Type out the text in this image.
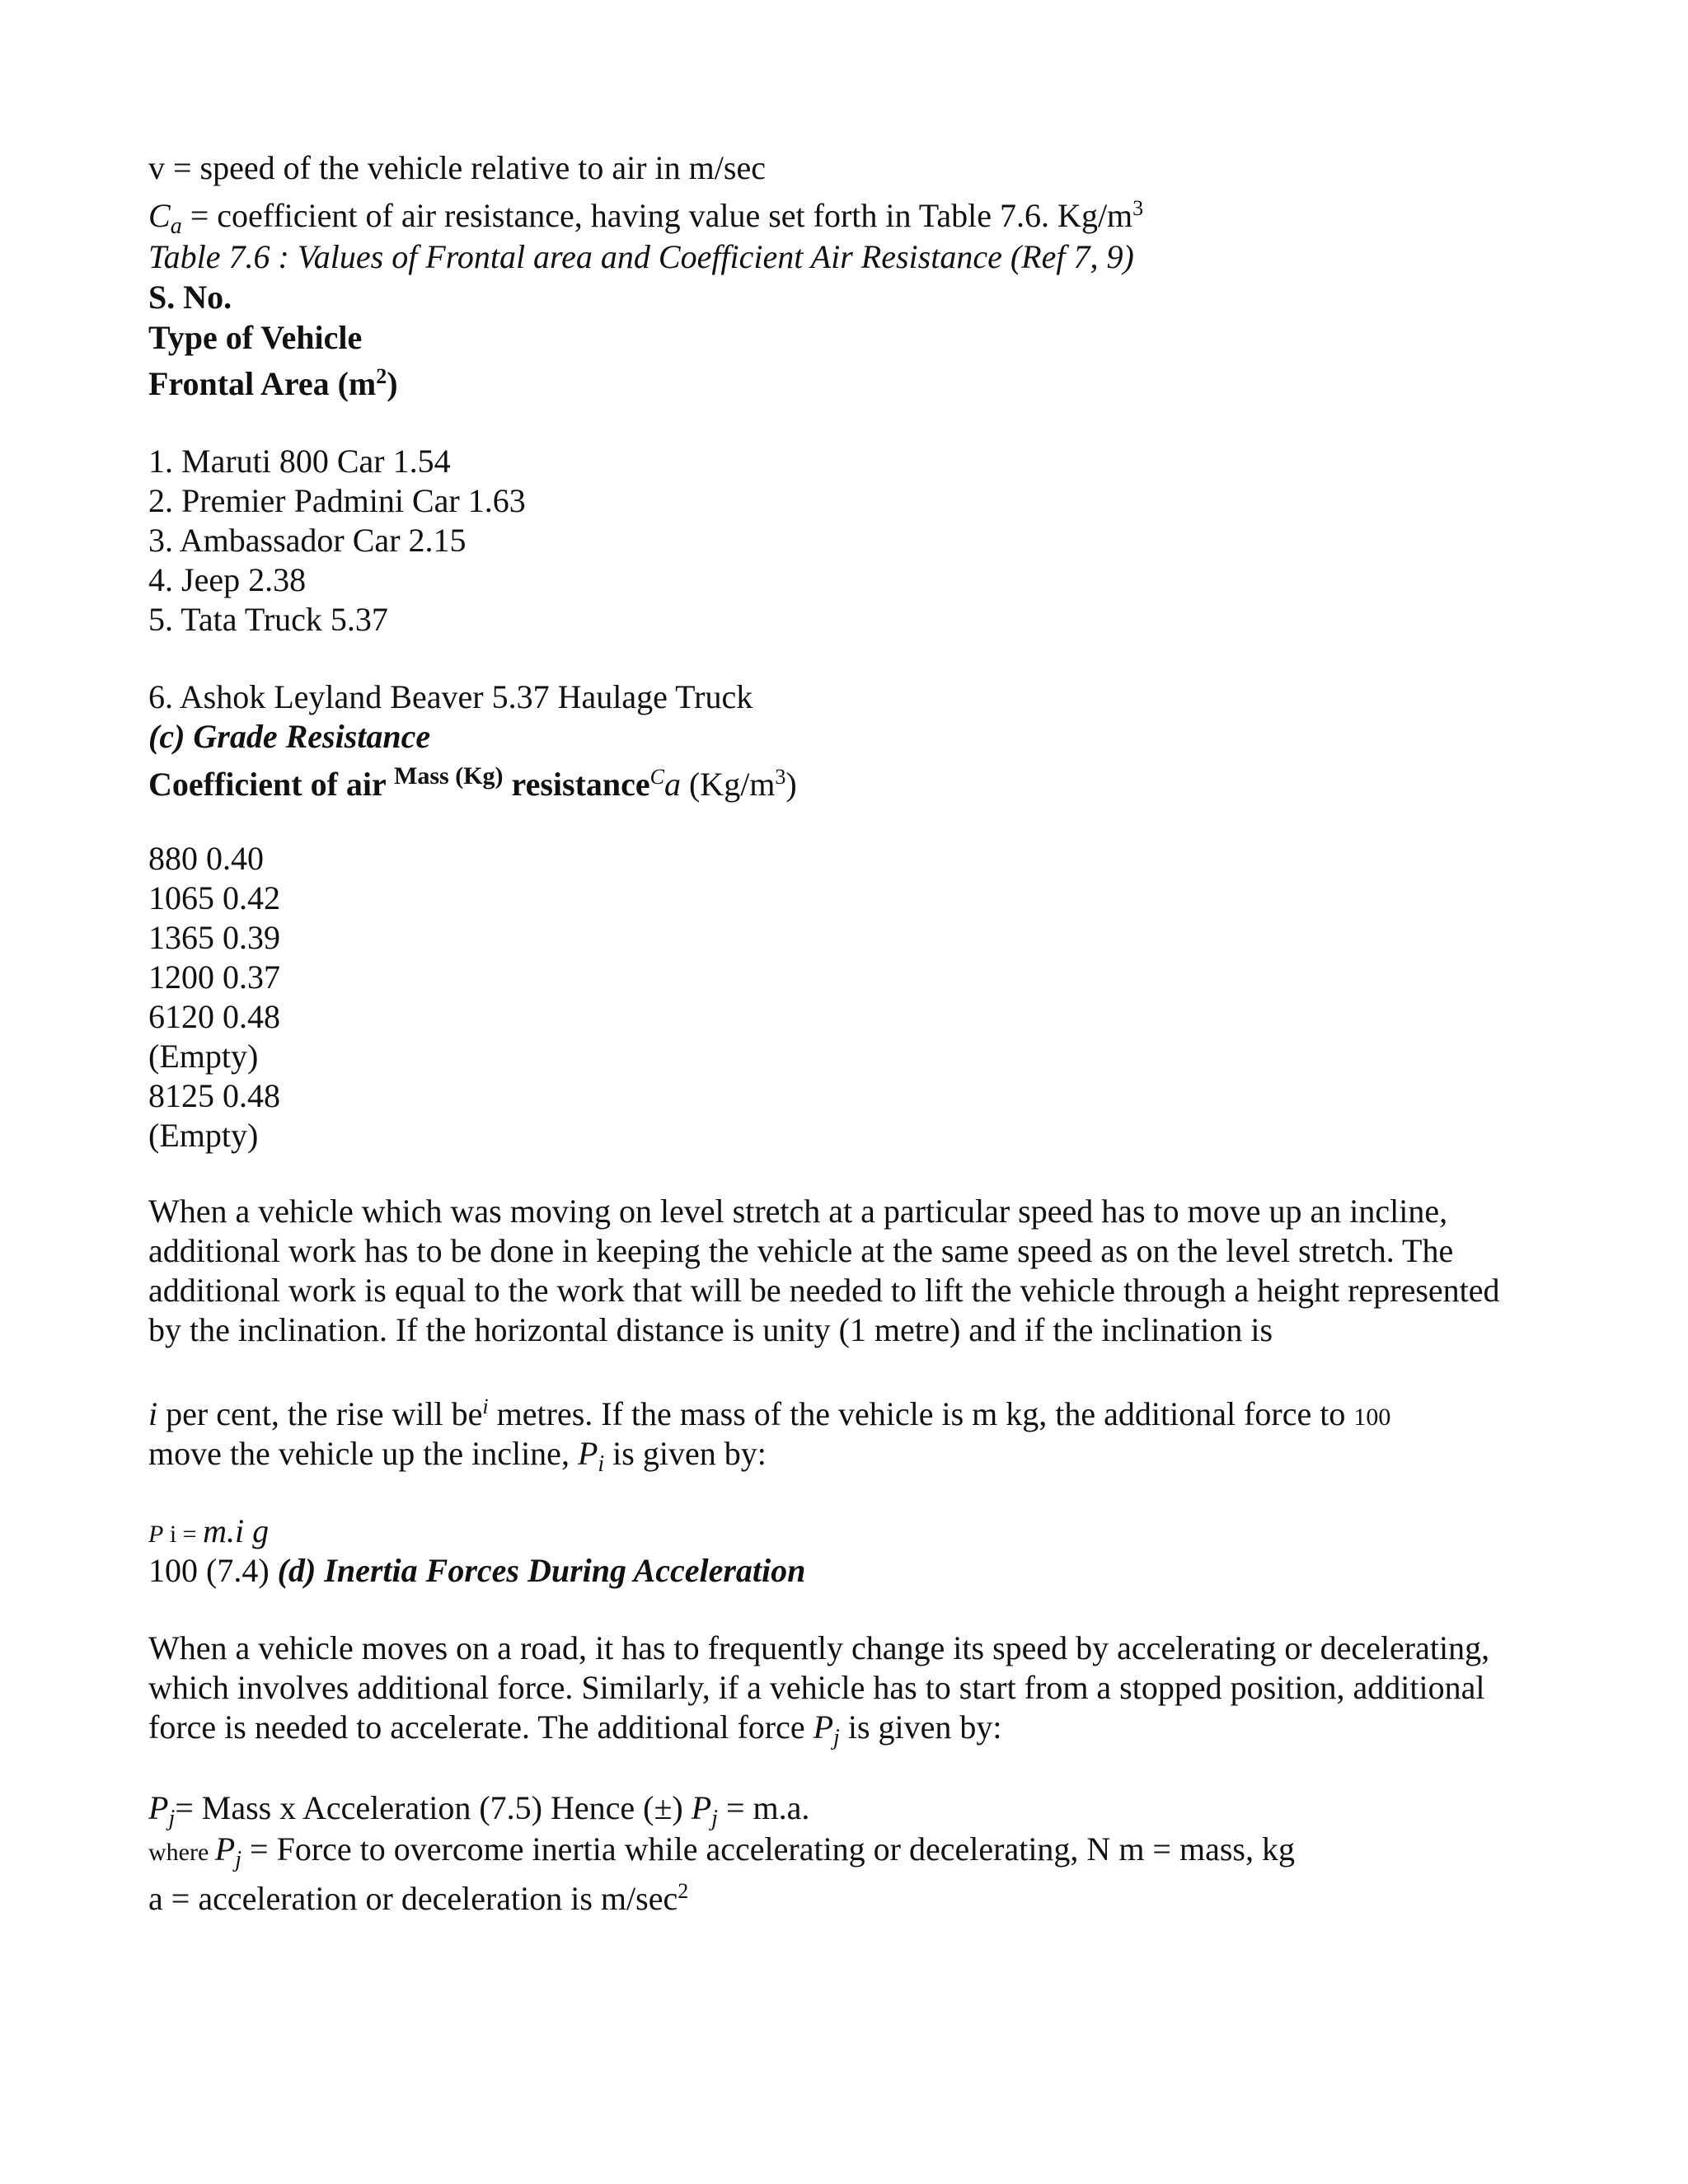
v = speed of the vehicle relative to air in m/sec
$C_a$ = coefficient of air resistance, having value set forth in Table 7.6. $Kg/m^3$
Table 7.6 : Values of Frontal area and Coefficient Air Resistance (Ref 7, 9)
S. No.
Type of Vehicle
Frontal Area $(m^2)$
1. Maruti 800 Car 1.54
2. Premier Padmini Car 1.63
3. Ambassador Car 2.15
4. Jeep 2.38
5. Tata Truck 5.37
6. Ashok Leyland Beaver 5.37 Haulage Truck
(c) Grade Resistance
Coefficient of air $^{Mass (Kg)}$ resistance$^C$a $(Kg/m^3)$
880 0.40
1065 0.42
1365 0.39
1200 0.37
6120 0.48
(Empty)
8125 0.48
(Empty)
When a vehicle which was moving on level stretch at a particular speed has to move up an incline,
additional work has to be done in keeping the vehicle at the same speed as on the level stretch. The
additional work is equal to the work that will be needed to lift the vehicle through a height represented
by the inclination. If the horizontal distance is unity (1 metre) and if the inclination is
i per cent, the rise will $be^i$ metres. If the mass of the vehicle is m kg, the additional force to 100
move the vehicle up the incline, $P_i$ is given by:
P i = m.i g
100 (7.4) (d) Inertia Forces During Acceleration
When a vehicle moves on a road, it has to frequently change its speed by accelerating or decelerating,
which involves additional force. Similarly, if a vehicle has to start from a stopped position, additional
force is needed to accelerate. The additional force $P_j$ is given by:
$P_j=$ Mass x Acceleration (7.5) Hence (±) $P_j = m.a$.
where $P_j$ = Force to overcome inertia while accelerating or decelerating, N m = mass, kg
a = acceleration or deceleration is $m/\sec^2$
